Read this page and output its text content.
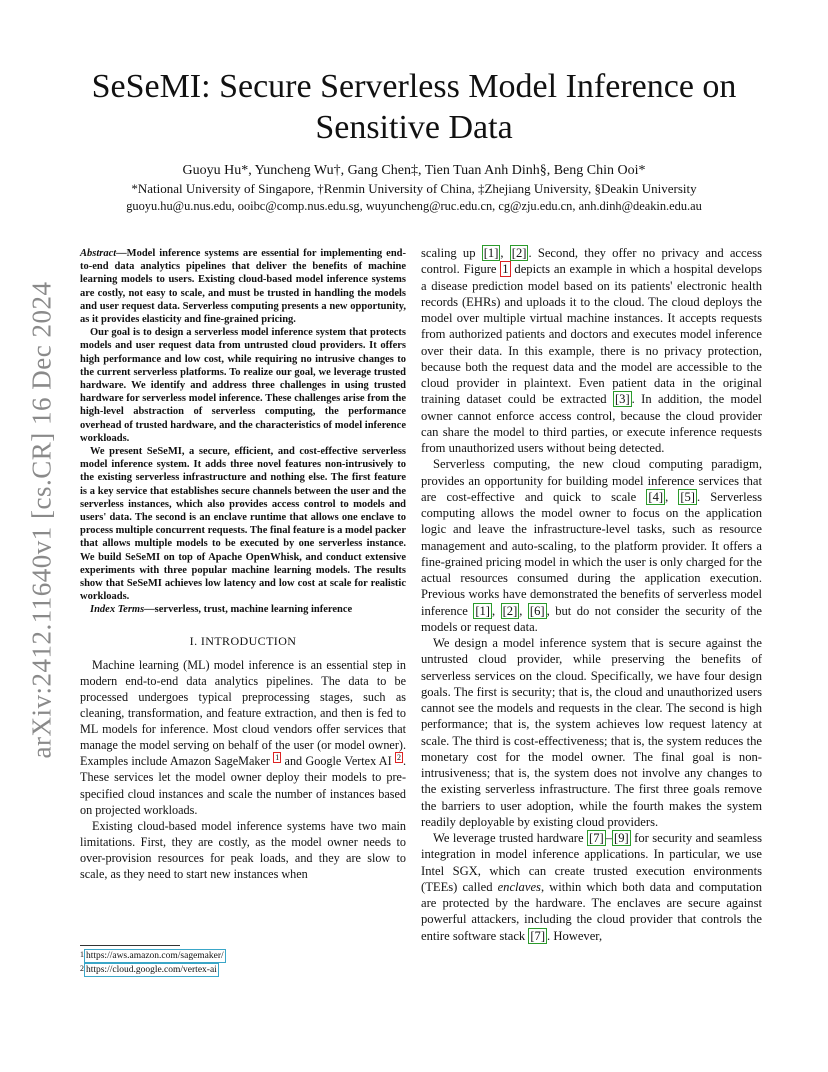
arXiv:2412.11640v1 [cs.CR] 16 Dec 2024
SeSeMI: Secure Serverless Model Inference on Sensitive Data
Guoyu Hu*, Yuncheng Wu†, Gang Chen‡, Tien Tuan Anh Dinh§, Beng Chin Ooi*
*National University of Singapore, †Renmin University of China, ‡Zhejiang University, §Deakin University
guoyu.hu@u.nus.edu, ooibc@comp.nus.edu.sg, wuyuncheng@ruc.edu.cn, cg@zju.edu.cn, anh.dinh@deakin.edu.au

Abstract—Model inference systems are essential for implementing end-to-end data analytics pipelines that deliver the benefits of machine learning models to users. Existing cloud-based model inference systems are costly, not easy to scale, and must be trusted in handling the models and user request data. Serverless computing presents a new opportunity, as it provides elasticity and fine-grained pricing.

Our goal is to design a serverless model inference system that protects models and user request data from untrusted cloud providers. It offers high performance and low cost, while requiring no intrusive changes to the current serverless platforms. To realize our goal, we leverage trusted hardware. We identify and address three challenges in using trusted hardware for serverless model inference. These challenges arise from the high-level abstraction of serverless computing, the performance overhead of trusted hardware, and the characteristics of model inference workloads.

We present SeSeMI, a secure, efficient, and cost-effective serverless model inference system. It adds three novel features non-intrusively to the existing serverless infrastructure and nothing else. The first feature is a key service that establishes secure channels between the user and the serverless instances, which also provides access control to models and users' data. The second is an enclave runtime that allows one enclave to process multiple concurrent requests. The final feature is a model packer that allows multiple models to be executed by one serverless instance. We build SeSeMI on top of Apache OpenWhisk, and conduct extensive experiments with three popular machine learning models. The results show that SeSeMI achieves low latency and low cost at scale for realistic workloads.

Index Terms—serverless, trust, machine learning inference

I. INTRODUCTION

Machine learning (ML) model inference is an essential step in modern end-to-end data analytics pipelines. The data to be processed undergoes typical preprocessing stages, such as cleaning, transformation, and feature extraction, and then is fed to ML models for inference. Most cloud vendors offer services that manage the model serving on behalf of the user (or model owner). Examples include Amazon SageMaker $^1$ and Google Vertex AI $^2$ . These services let the model owner deploy their models to pre-specified cloud instances and scale the number of instances based on projected workloads.

Existing cloud-based model inference systems have two main limitations. First, they are costly, as the model owner needs to over-provision resources for peak loads, and they are slow to scale, as they need to start new instances when

1 https://aws.amazon.com/sagemaker/
2 https://cloud.google.com/vertex-ai

scaling up [1] , [2] . Second, they offer no privacy and access control. Figure 1 depicts an example in which a hospital develops a disease prediction model based on its patients' electronic health records (EHRs) and uploads it to the cloud. The cloud deploys the model over multiple virtual machine instances. It accepts requests from authorized patients and doctors and executes model inference over their data. In this example, there is no privacy protection, because both the request data and the model are accessible to the cloud provider in plaintext. Even patient data in the original training dataset could be extracted [3] . In addition, the model owner cannot enforce access control, because the cloud provider can share the model to third parties, or execute inference requests from unauthorized users without being detected.

Serverless computing, the new cloud computing paradigm, provides an opportunity for building model inference services that are cost-effective and quick to scale [4] , [5] . Serverless computing allows the model owner to focus on the application logic and leave the infrastructure-level tasks, such as resource management and auto-scaling, to the platform provider. It offers a fine-grained pricing model in which the user is only charged for the actual resources consumed during the application execution. Previous works have demonstrated the benefits of serverless model inference [1] , [2] , [6] , but do not consider the security of the models or request data.

We design a model inference system that is secure against the untrusted cloud provider, while preserving the benefits of serverless services on the cloud. Specifically, we have four design goals. The first is security; that is, the cloud and unauthorized users cannot see the models and requests in the clear. The second is high performance; that is, the system achieves low request latency at scale. The third is cost-effectiveness; that is, the system reduces the monetary cost for the model owner. The final goal is non-intrusiveness; that is, the system does not involve any changes to the existing serverless infrastructure. The first three goals remove the barriers to user adoption, while the fourth makes the system readily deployable by existing cloud providers.

We leverage trusted hardware [7] – [9] for security and seamless integration in model inference applications. In particular, we use Intel SGX, which can create trusted execution environments (TEEs) called enclaves, within which both data and computation are protected by the hardware. The enclaves are secure against powerful attackers, including the cloud provider that controls the entire software stack [7] . However,
